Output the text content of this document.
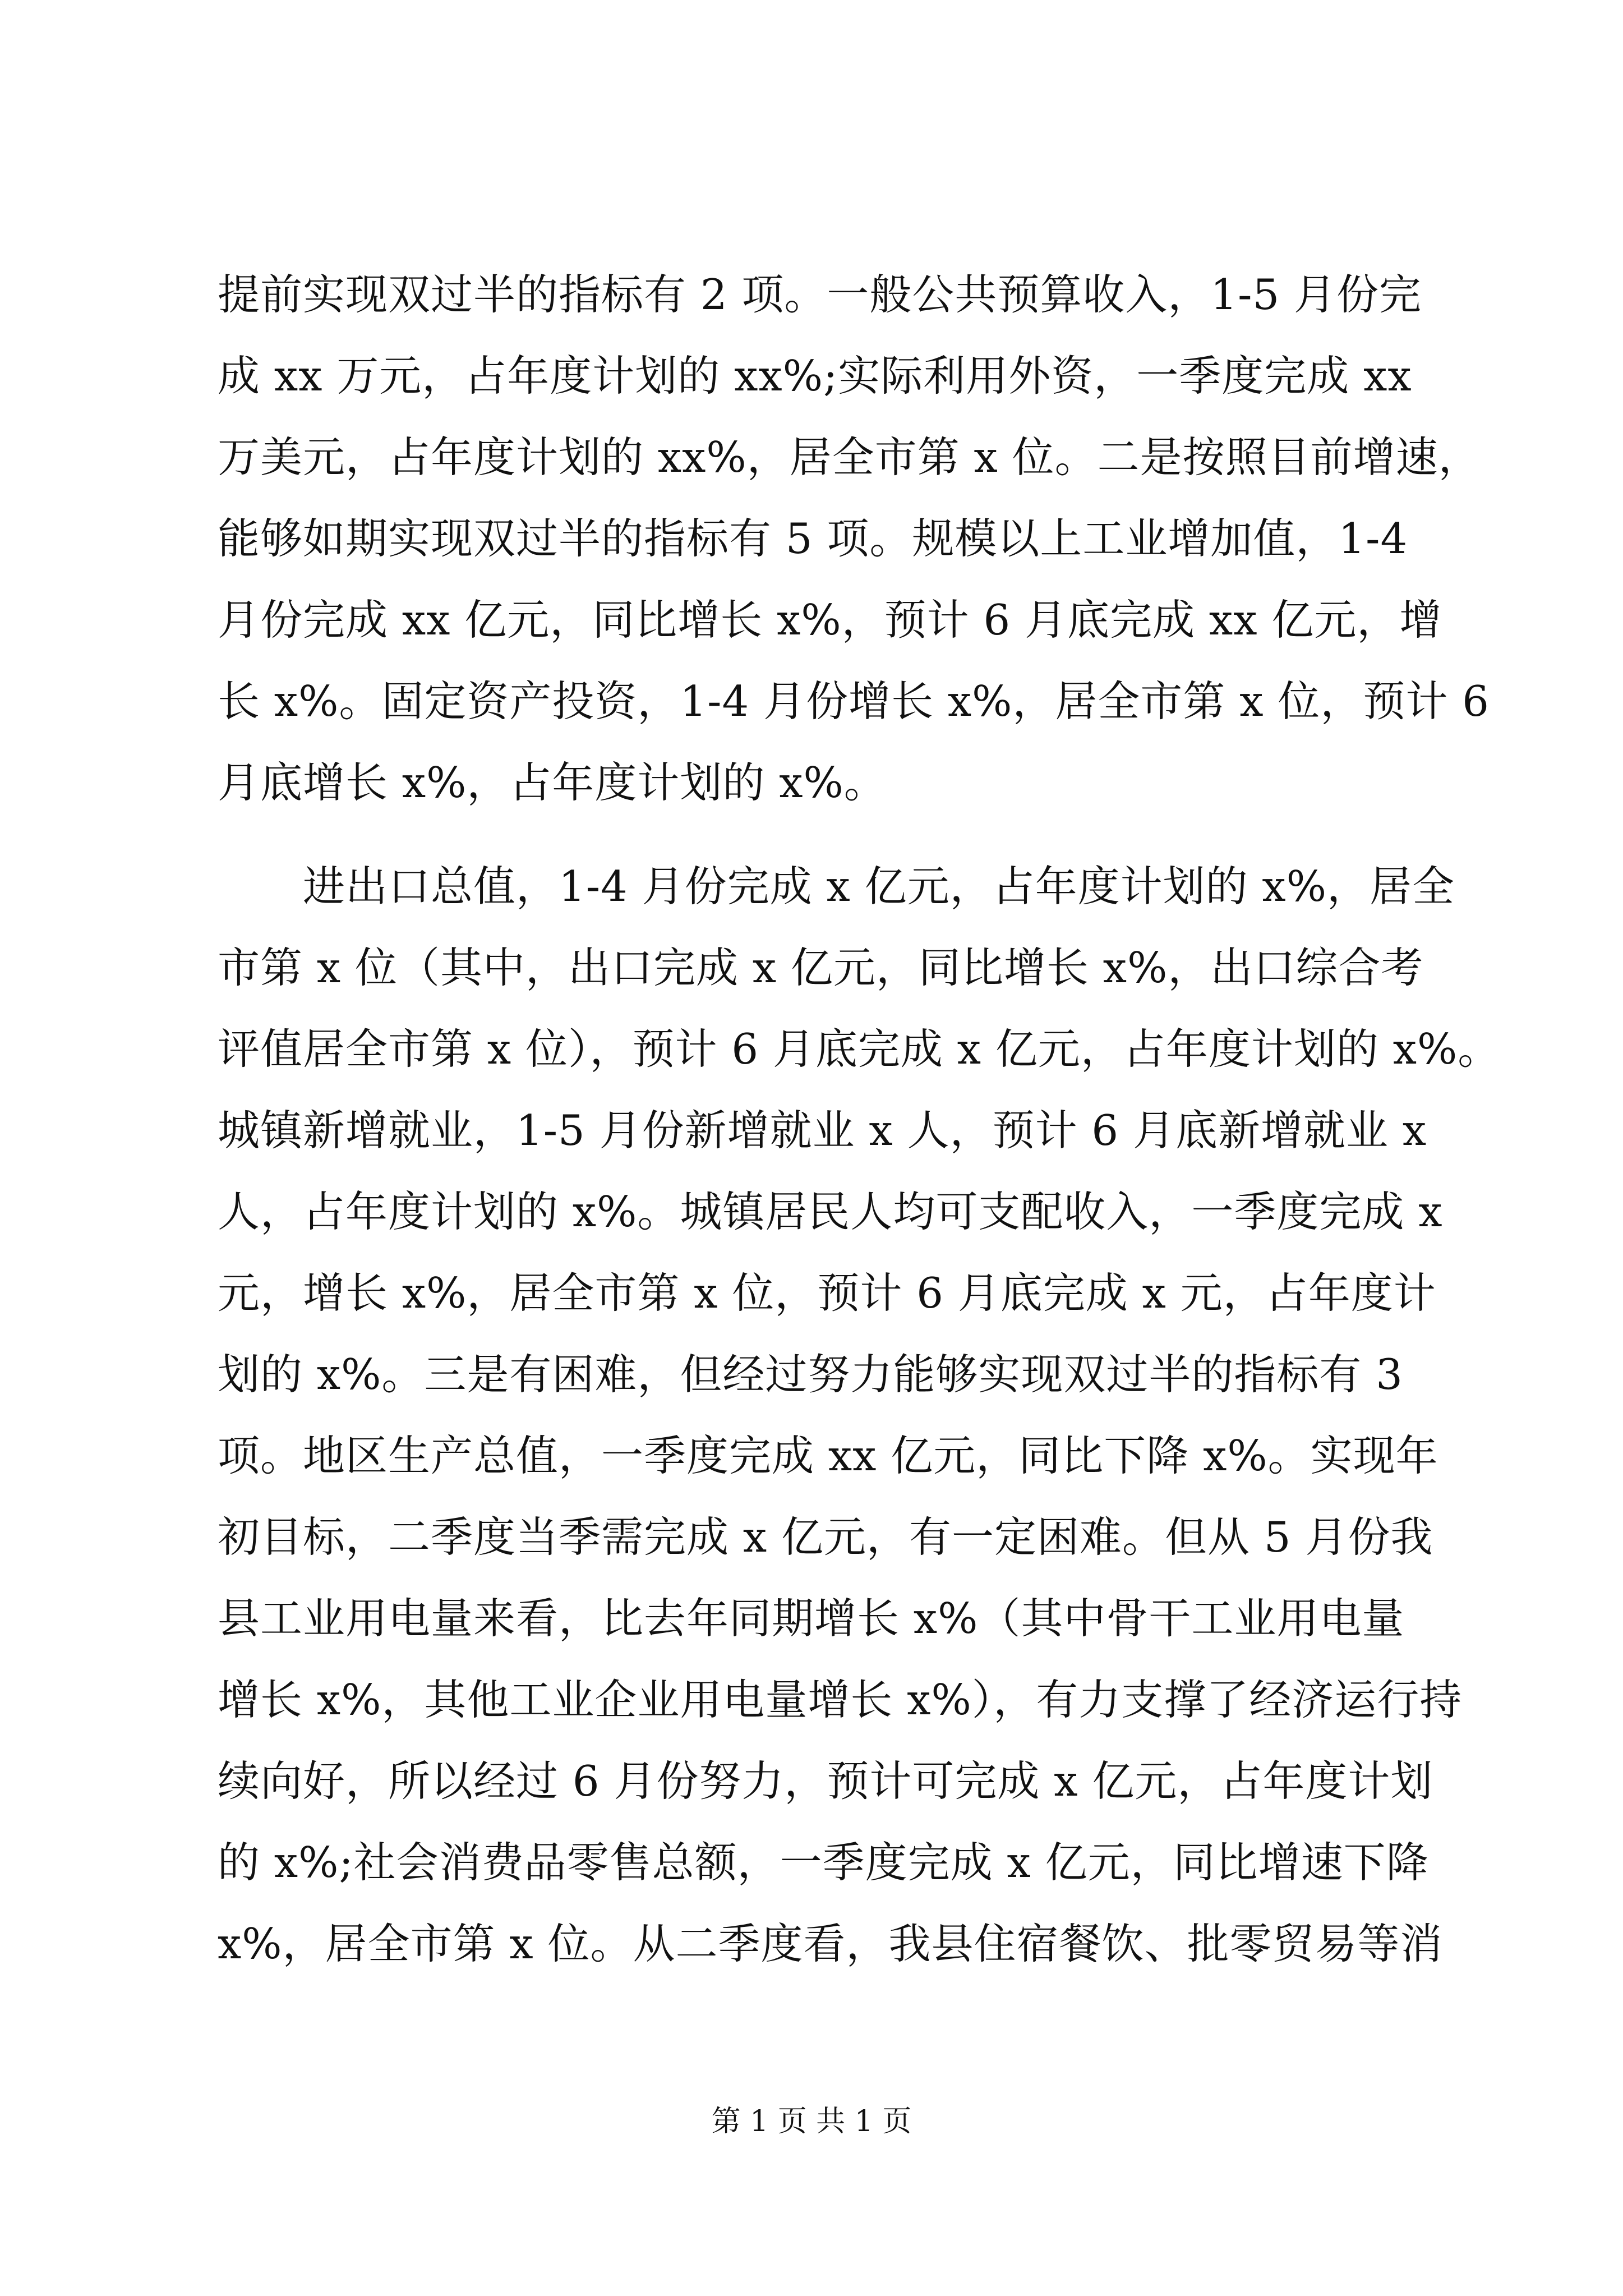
提前实现双过半的指标有 2 项。一般公共预算收入，1-5 月份完
成 xx 万元，占年度计划的 xx%;实际利用外资，一季度完成 xx
万美元，占年度计划的 xx%，居全市第 x 位。二是按照目前增速，
能够如期实现双过半的指标有 5 项。规模以上工业增加值，1-4
月份完成 xx 亿元，同比增长 x%，预计 6 月底完成 xx 亿元，增
长 x%。固定资产投资，1-4 月份增长 x%，居全市第 x 位，预计 6
月底增长 x%，占年度计划的 x%。
进出口总值，1-4 月份完成 x 亿元，占年度计划的 x%，居全
市第 x 位（其中，出口完成 x 亿元，同比增长 x%，出口综合考
评值居全市第 x 位），预计 6 月底完成 x 亿元，占年度计划的 x%。
城镇新增就业，1-5 月份新增就业 x 人，预计 6 月底新增就业 x
人，占年度计划的 x%。城镇居民人均可支配收入，一季度完成 x
元，增长 x%，居全市第 x 位，预计 6 月底完成 x 元，占年度计
划的 x%。三是有困难，但经过努力能够实现双过半的指标有 3
项。地区生产总值，一季度完成 xx 亿元，同比下降 x%。实现年
初目标，二季度当季需完成 x 亿元，有一定困难。但从 5 月份我
县工业用电量来看，比去年同期增长 x%（其中骨干工业用电量
增长 x%，其他工业企业用电量增长 x%），有力支撑了经济运行持
续向好，所以经过 6 月份努力，预计可完成 x 亿元，占年度计划
的 x%;社会消费品零售总额，一季度完成 x 亿元，同比增速下降
x%，居全市第 x 位。从二季度看，我县住宿餐饮、批零贸易等消
第 1 页 共 1 页
